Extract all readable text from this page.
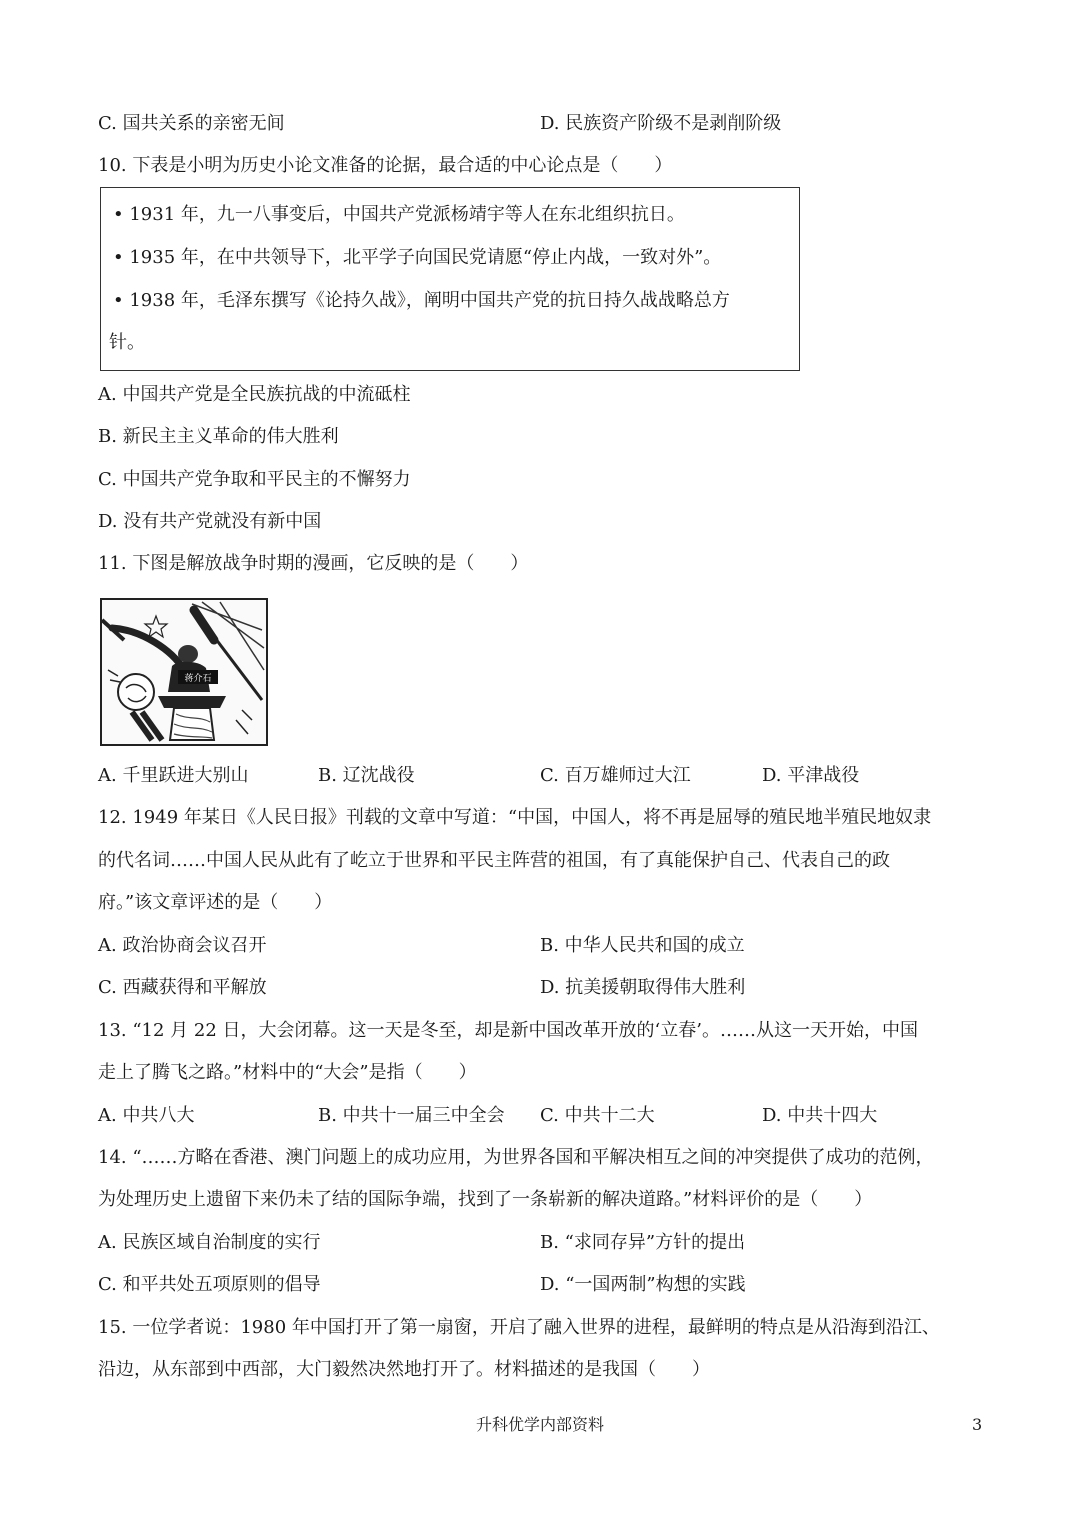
C. 国共关系的亲密无间	D. 民族资产阶级不是剥削阶级
10. 下表是小明为历史小论文准备的论据，最合适的中心论点是（　　）
• 1931 年，九一八事变后，中国共产党派杨靖宇等人在东北组织抗日。
• 1935 年，在中共领导下，北平学子向国民党请愿“停止内战，一致对外”。
• 1938 年，毛泽东撰写《论持久战》，阐明中国共产党的抗日持久战战略总方
针。
A. 中国共产党是全民族抗战的中流砥柱
B. 新民主主义革命的伟大胜利
C. 中国共产党争取和平民主的不懈努力
D. 没有共产党就没有新中国
11. 下图是解放战争时期的漫画，它反映的是（　　）
蒋介石
A. 千里跃进大别山	B. 辽沈战役	C. 百万雄师过大江	D. 平津战役
12. 1949 年某日《人民日报》刊载的文章中写道：“中国，中国人，将不再是屈辱的殖民地半殖民地奴隶
的代名词……中国人民从此有了屹立于世界和平民主阵营的祖国，有了真能保护自己、代表自己的政
府。”该文章评述的是（　　）
A. 政治协商会议召开	B. 中华人民共和国的成立
C. 西藏获得和平解放	D. 抗美援朝取得伟大胜利
13. “12 月 22 日，大会闭幕。这一天是冬至，却是新中国改革开放的‘立春’。……从这一天开始，中国
走上了腾飞之路。”材料中的“大会”是指（　　）
A. 中共八大	B. 中共十一届三中全会 C. 中共十二大	D. 中共十四大
14. “……方略在香港、澳门问题上的成功应用，为世界各国和平解决相互之间的冲突提供了成功的范例，
为处理历史上遗留下来仍未了结的国际争端，找到了一条崭新的解决道路。”材料评价的是（　　）
A. 民族区域自治制度的实行	B. “求同存异”方针的提出
C. 和平共处五项原则的倡导	D. “一国两制”构想的实践
15. 一位学者说：1980 年中国打开了第一扇窗，开启了融入世界的进程，最鲜明的特点是从沿海到沿江、
沿边，从东部到中西部，大门毅然决然地打开了。材料描述的是我国（　　）
升科优学内部资料	3
